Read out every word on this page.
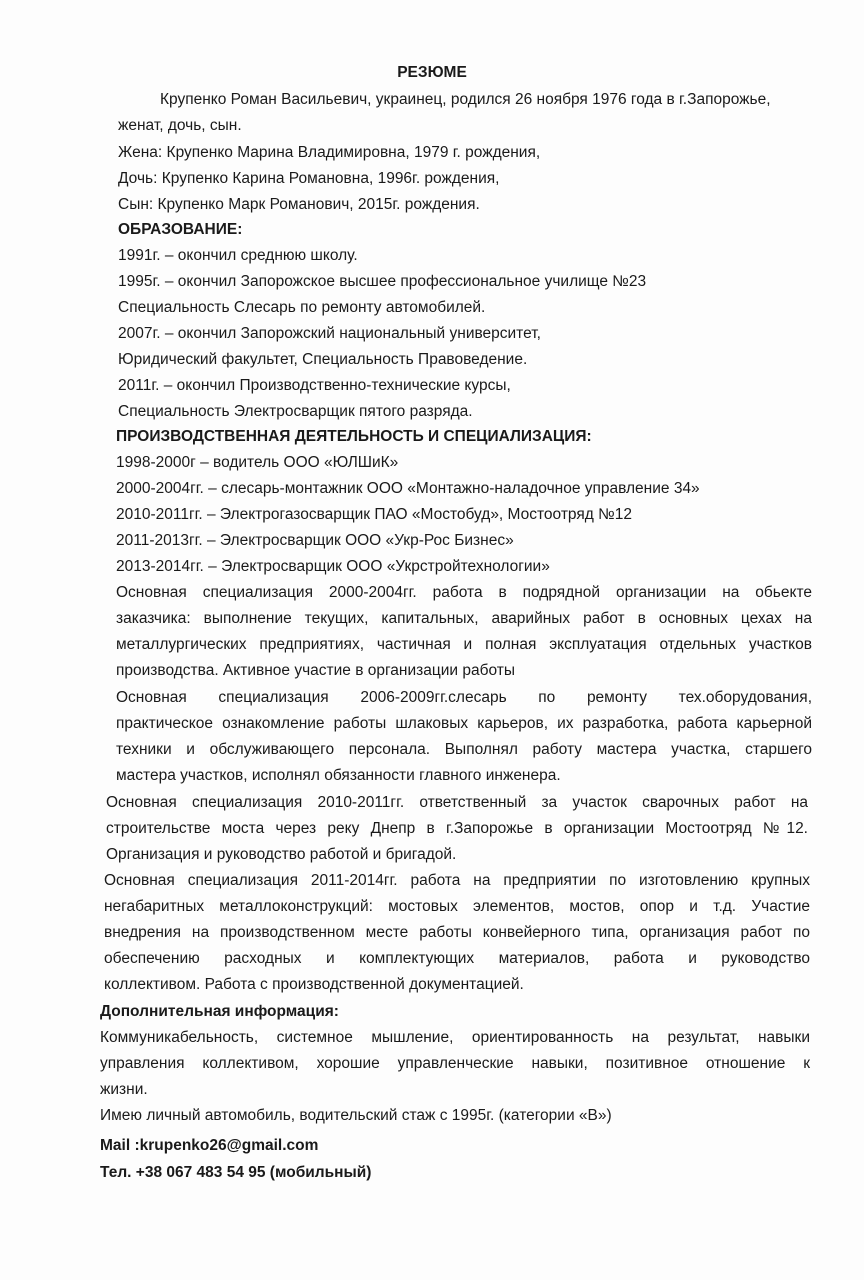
РЕЗЮМЕ
Крупенко Роман Васильевич, украинец, родился 26 ноября 1976 года в г.Запорожье,
женат, дочь, сын.
Жена: Крупенко Марина Владимировна, 1979 г. рождения,
Дочь: Крупенко Карина Романовна, 1996г. рождения,
Сын: Крупенко Марк Романович, 2015г. рождения.
ОБРАЗОВАНИЕ:
1991г. – окончил среднюю школу.
1995г. – окончил Запорожское высшее профессиональное училище №23
Специальность Слесарь по ремонту автомобилей.
2007г. – окончил Запорожский национальный университет,
Юридический факультет, Специальность Правоведение.
2011г. – окончил Производственно-технические курсы,
Специальность Электросварщик пятого разряда.
ПРОИЗВОДСТВЕННАЯ ДЕЯТЕЛЬНОСТЬ И СПЕЦИАЛИЗАЦИЯ:
1998-2000г – водитель ООО «ЮЛШиК»
2000-2004гг. – слесарь-монтажник ООО «Монтажно-наладочное управление 34»
2010-2011гг. – Электрогазосварщик ПАО «Мостобуд», Мостоотряд №12
2011-2013гг. – Электросварщик ООО «Укр-Рос Бизнес»
2013-2014гг. – Электросварщик ООО «Укрстройтехнологии»
Основная специализация 2000-2004гг. работа в подрядной организации на обьекте
заказчика: выполнение текущих, капитальных, аварийных работ в основных цехах на
металлургических предприятиях, частичная и полная эксплуатация отдельных участков
производства. Активное участие в организации работы
Основная специализация 2006-2009гг.слесарь по ремонту тех.оборудования,
практическое ознакомление работы шлаковых карьеров, их разработка, работа карьерной
техники и обслуживающего персонала. Выполнял работу мастера участка, старшего
мастера участков, исполнял обязанности главного инженера.
Основная специализация 2010-2011гг. ответственный за участок сварочных работ на
строительстве моста через реку Днепр в г.Запорожье в организации Мостоотряд №12.
Организация и руководство работой и бригадой.
Основная специализация 2011-2014гг. работа на предприятии по изготовлению крупных
негабаритных металлоконструкций: мостовых элементов, мостов, опор и т.д. Участие
внедрения на производственном месте работы конвейерного типа, организация работ по
обеспечению расходных и комплектующих материалов, работа и руководство
коллективом. Работа с производственной документацией.
Дополнительная информация:
Коммуникабельность, системное мышление, ориентированность на результат, навыки
управления коллективом, хорошие управленческие навыки, позитивное отношение к
жизни.
Имею личный автомобиль, водительский стаж с 1995г. (категории «В»)
Mail :krupenko26@gmail.com
Тел. +38 067 483 54 95 (мобильный)
